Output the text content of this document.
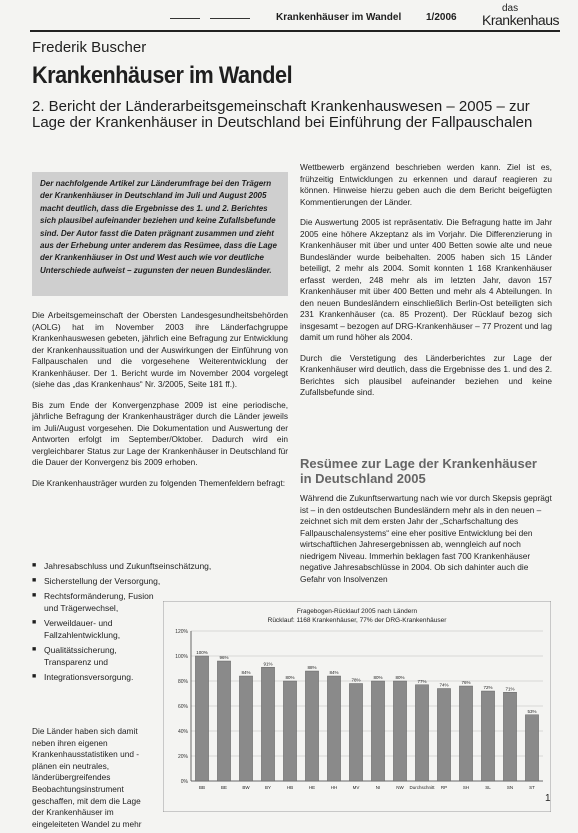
Krankenhäuser im Wandel 1/2006
das
Krankenhaus
Frederik Buscher
Krankenhäuser im Wandel
2. Bericht der Länderarbeitsgemeinschaft Krankenhauswesen – 2005 – zur Lage der Krankenhäuser in Deutschland bei Einführung der Fallpauschalen
Der nachfolgende Artikel zur Länderumfrage bei den Trägern der Krankenhäuser in Deutschland im Juli und August 2005 macht deutlich, dass die Ergebnisse des 1. und 2. Berichtes sich plausibel aufeinander beziehen und keine Zufallsbefunde sind. Der Autor fasst die Daten prägnant zusammen und zieht aus der Erhebung unter anderem das Resümee, dass die Lage der Krankenhäuser in Ost und West auch wie vor deutliche Unterschiede aufweist – zugunsten der neuen Bundesländer.

Die Arbeitsgemeinschaft der Obersten Landesgesundheitsbehörden (AOLG) hat im November 2003 ihre Länderfachgruppe Krankenhauswesen gebeten, jährlich eine Befragung zur Entwicklung der Krankenhaussituation und der Auswirkungen der Einführung von Fallpauschalen und die vorgesehene Weiterentwicklung der Krankenhäuser. Der 1. Bericht wurde im November 2004 vorgelegt (siehe das „das Krankenhaus“ Nr. 3/2005, Seite 181 ff.).

Bis zum Ende der Konvergenzphase 2009 ist eine periodische, jährliche Befragung der Krankenhausträger durch die Länder jeweils im Juli/August vorgesehen. Die Dokumentation und Auswertung der Antworten erfolgt im September/Oktober. Dadurch wird ein vergleichbarer Status zur Lage der Krankenhäuser in Deutschland für die Dauer der Konvergenz bis 2009 erhoben.

Die Krankenhausträger wurden zu folgenden Themenfeldern befragt:

■ Jahresabschluss und Zukunftseinschätzung,
■ Sicherstellung der Versorgung,
■ Rechtsformänderung, Fusion und Trägerwechsel,
■ Verweildauer- und Fallzahlentwicklung,
■ Qualitätssicherung, Transparenz und
■ Integrationsversorgung.
Die Länder haben sich damit neben ihren eigenen Krankenhausstatistiken und -plänen ein neutrales, länderübergreifendes Beobachtungsinstrument geschaffen, mit dem die Lage der Krankenhäuser im eingeleiteten Wandel zu mehr

Wettbewerb ergänzend beschrieben werden kann. Ziel ist es, frühzeitig Entwicklungen zu erkennen und darauf reagieren zu können. Hinweise hierzu geben auch die dem Bericht beigefügten Kommentierungen der Länder.

Die Auswertung 2005 ist repräsentativ. Die Befragung hatte im Jahr 2005 eine höhere Akzeptanz als im Vorjahr. Die Differenzierung in Krankenhäuser mit über und unter 400 Betten sowie alte und neue Bundesländer wurde beibehalten. 2005 haben sich 15 Länder beteiligt, 2 mehr als 2004. Somit konnten 1 168 Krankenhäuser erfasst werden, 248 mehr als im letzten Jahr, davon 157 Krankenhäuser mit über 400 Betten und mehr als 4 Abteilungen. In den neuen Bundesländern einschließlich Berlin-Ost beteiligten sich 231 Krankenhäuser (ca. 85 Prozent). Der Rücklauf bezog sich insgesamt – bezogen auf DRG-Krankenhäuser – 77 Prozent und lag damit um rund höher als 2004.

Durch die Verstetigung des Länderberichtes zur Lage der Krankenhäuser wird deutlich, dass die Ergebnisse des 1. und des 2. Berichtes sich plausibel aufeinander beziehen und keine Zufallsbefunde sind.

Resümee zur Lage der Krankenhäuser in Deutschland 2005
Während die Zukunftserwartung nach wie vor durch Skepsis geprägt ist – in den ostdeutschen Bundesländern mehr als in den neuen – zeichnet sich mit dem ersten Jahr der „Scharfschaltung des Fallpauschalensystems“ eine eher positive Entwicklung bei den wirtschaftlichen Jahresergebnissen ab, wenngleich auf noch niedrigem Niveau. Immerhin beklagen fast 700 Krankenhäuser negative Jahresabschlüsse in 2004. Ob sich dahinter auch die Gefahr von Insolvenzen
Fragebogen-Rücklauf 2005 nach Ländern
Rücklauf: 1168 Krankenhäuser, 77% der DRG-Krankenhäuser
0%
20%
40%
60%
80%
100%
120%
100%
BB
96%
BE
84%
BW
91%
BY
80%
HB
88%
HE
84%
HH
78%
MV
80%
NI
80%
NW
77%
Durchschnitt
74%
RP
76%
SH
72%
SL
71%
SN
53%
ST
1
